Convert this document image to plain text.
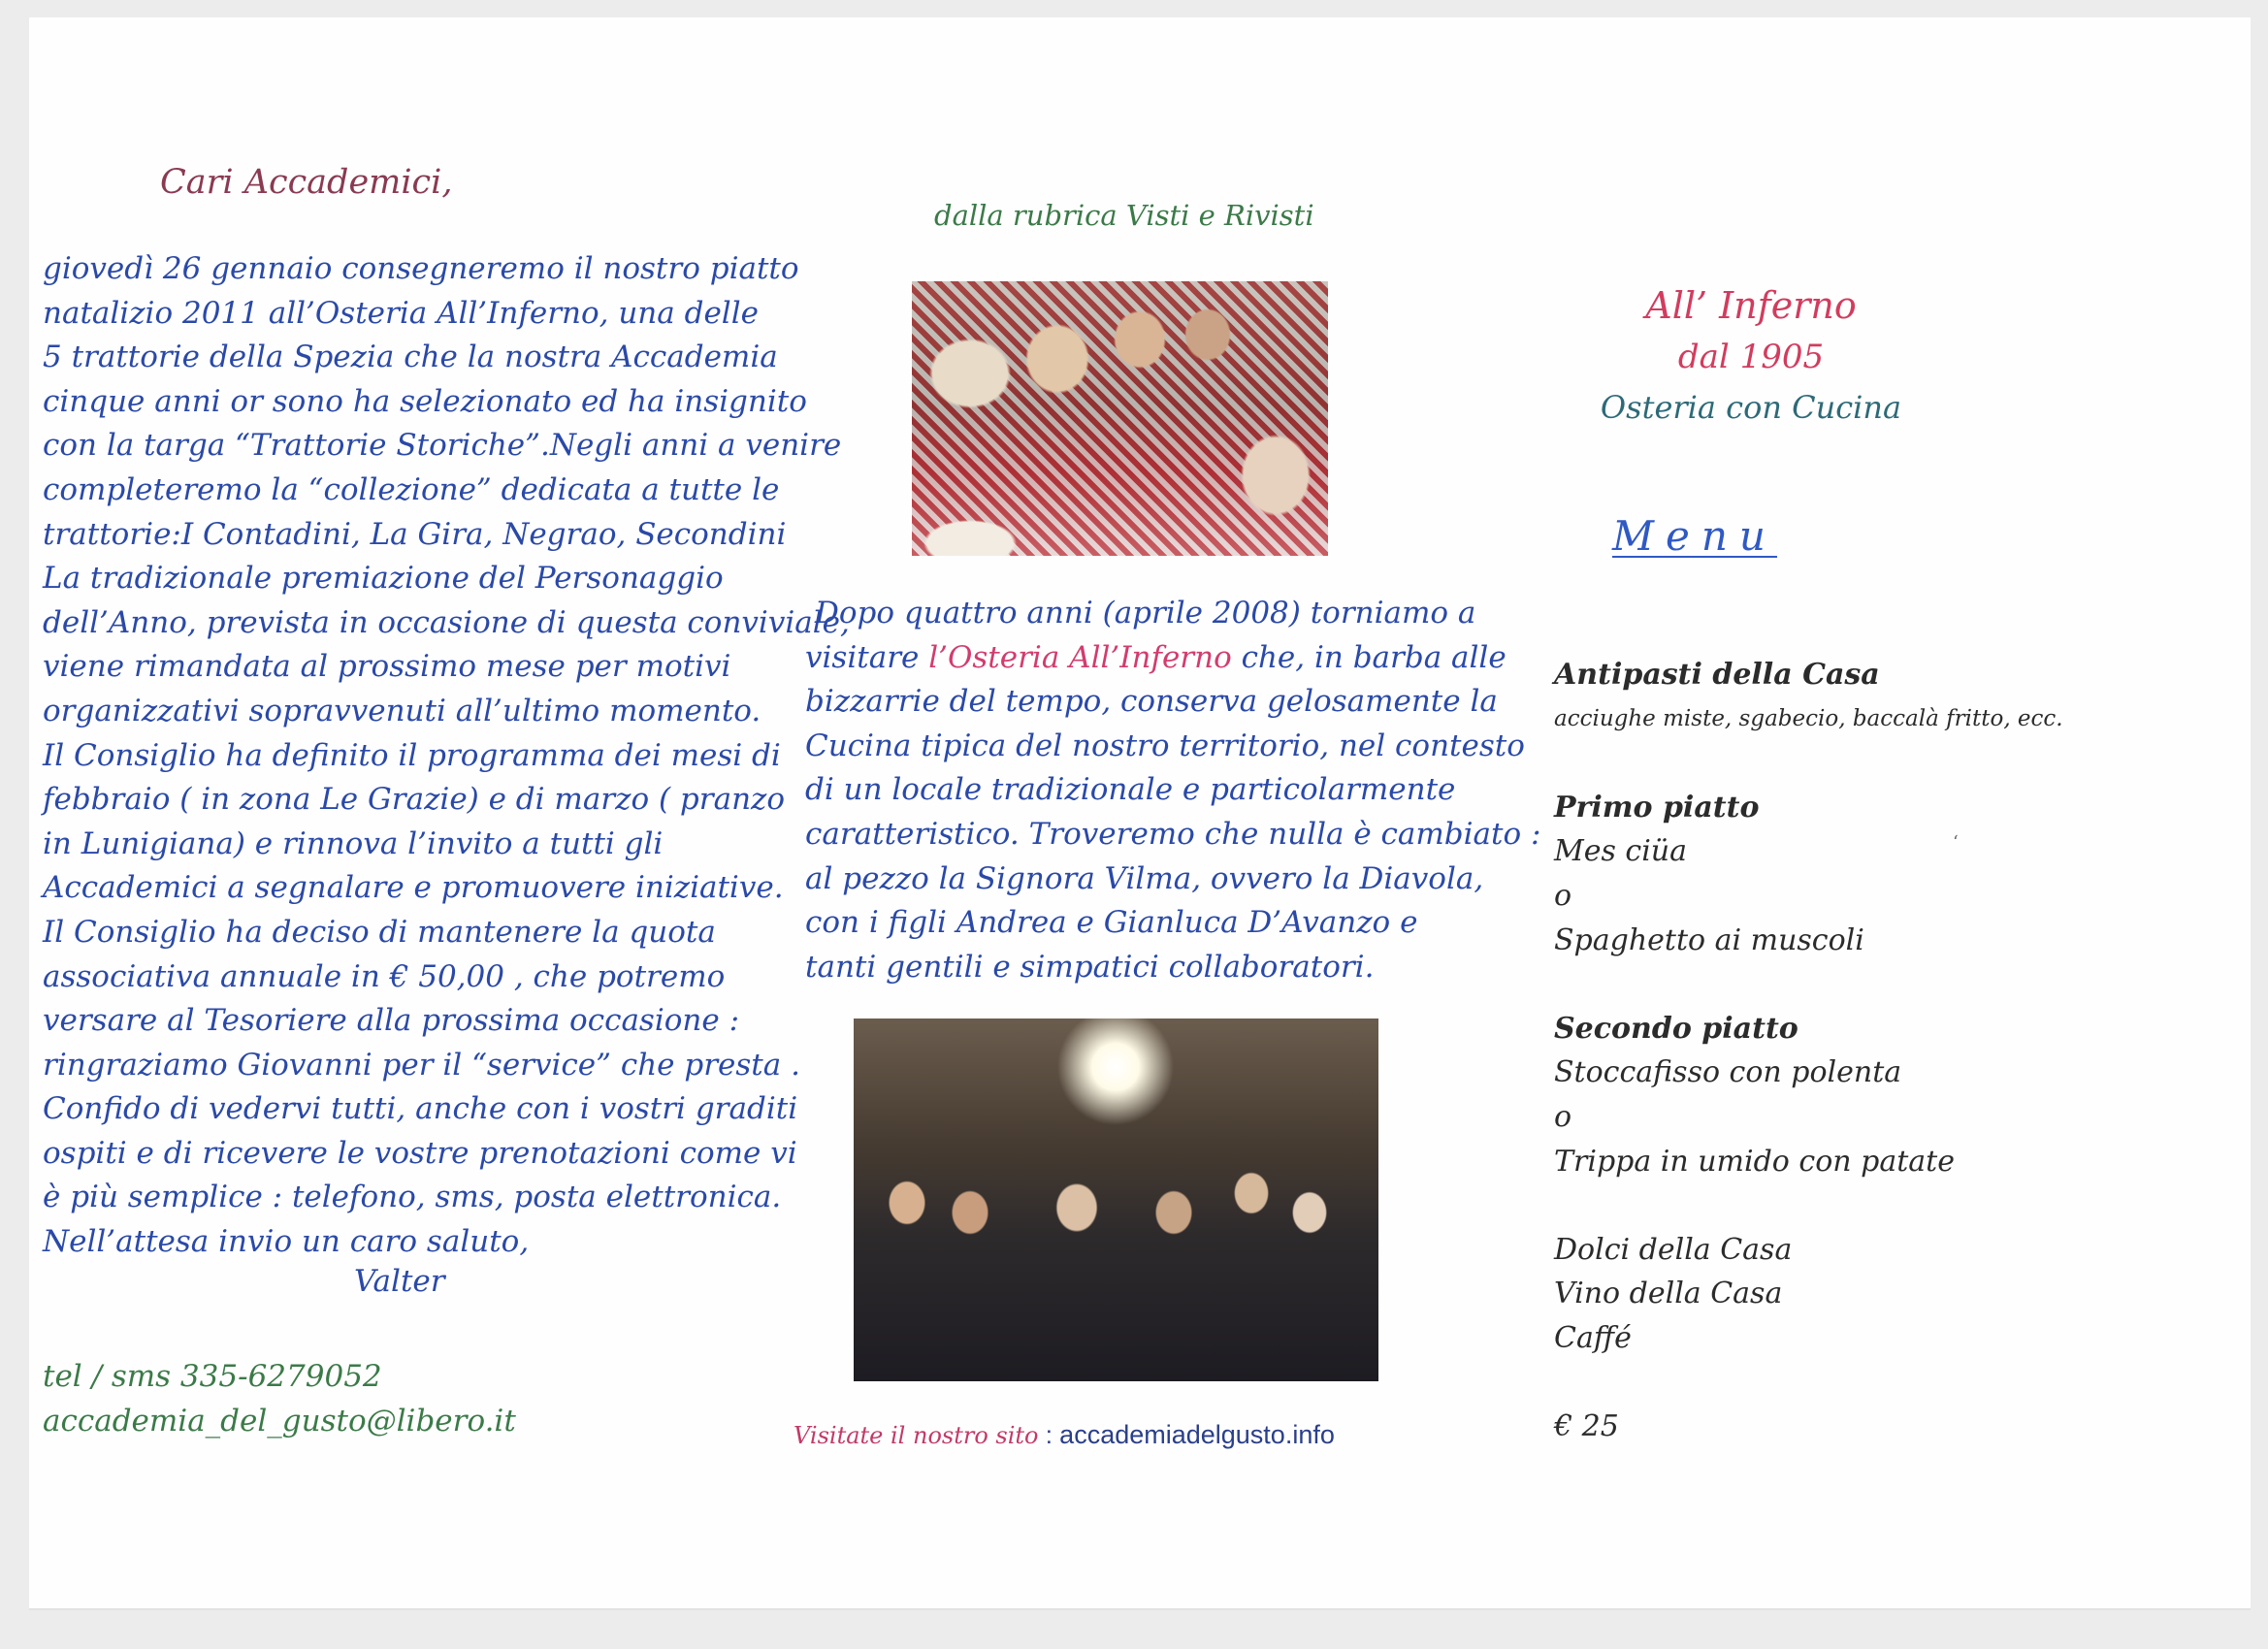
Cari Accademici,
giovedì 26 gennaio consegneremo il nostro piatto
natalizio 2011 all’Osteria All’Inferno, una delle
5 trattorie della Spezia che la nostra Accademia
cinque anni or sono ha selezionato ed ha insignito
con la targa “Trattorie Storiche”.Negli anni a venire
completeremo la “collezione” dedicata a tutte le
trattorie:I Contadini, La Gira, Negrao, Secondini
La tradizionale premiazione del Personaggio
dell’Anno, prevista in occasione di questa conviviale,
viene rimandata al prossimo mese per motivi
organizzativi sopravvenuti all’ultimo momento.
Il Consiglio ha definito il programma dei mesi di
febbraio ( in zona Le Grazie) e di marzo ( pranzo
in Lunigiana) e rinnova l’invito a tutti gli
Accademici a segnalare e promuovere iniziative.
Il Consiglio ha deciso di mantenere la quota
associativa annuale in € 50,00 , che potremo
versare al Tesoriere alla prossima occasione :
ringraziamo Giovanni per il “service” che presta .
Confido di vedervi tutti, anche con i vostri graditi
ospiti e di ricevere le vostre prenotazioni come vi
è più semplice : telefono, sms, posta elettronica.
Nell’attesa invio un caro saluto,
Valter
tel / sms 335-6279052
accademia_del_gusto@libero.it
dalla rubrica Visti e Rivisti
Dopo quattro anni (aprile 2008) torniamo a
visitare l’Osteria All’Inferno che, in barba alle
bizzarrie del tempo, conserva gelosamente la
Cucina tipica del nostro territorio, nel contesto
di un locale tradizionale e particolarmente
caratteristico. Troveremo che nulla è cambiato :
al pezzo la Signora Vilma, ovvero la Diavola,
con i figli Andrea e Gianluca D’Avanzo e
tanti gentili e simpatici collaboratori.
Visitate il nostro sito : accademiadelgusto.info
All’ Inferno
dal 1905
Osteria con Cucina
Menu
Antipasti della Casa
acciughe miste, sgabecio, baccalà fritto, ecc.
Primo piatto
Mes ciüa
o
Spaghetto ai muscoli
Secondo piatto
Stoccafisso con polenta
o
Trippa in umido con patate
Dolci della Casa
Vino della Casa
Caffé
€ 25
ʻ
